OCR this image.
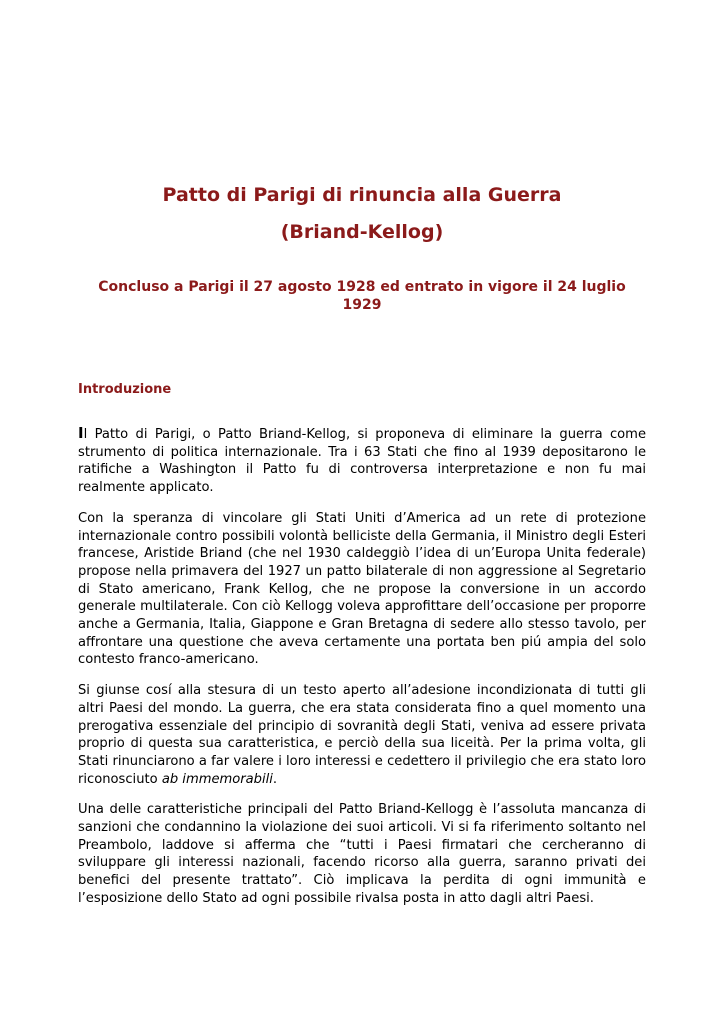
Patto di Parigi di rinuncia alla Guerra
(Briand-Kellog)

Concluso a Parigi il 27 agosto 1928 ed entrato in vigore il 24 luglio 1929

Introduzione

Il Patto di Parigi, o Patto Briand-Kellog, si proponeva di eliminare la guerra come strumento di politica internazionale. Tra i 63 Stati che fino al 1939 depositarono le ratifiche a Washington il Patto fu di controversa interpretazione e non fu mai realmente applicato.

Con la speranza di vincolare gli Stati Uniti d’America ad un rete di protezione internazionale contro possibili volontà belliciste della Germania, il Ministro degli Esteri francese, Aristide Briand (che nel 1930 caldeggiò l’idea di un’Europa Unita federale) propose nella primavera del 1927 un patto bilaterale di non aggressione al Segretario di Stato americano, Frank Kellog, che ne propose la conversione in un accordo generale multilaterale. Con ciò Kellogg voleva approfittare dell’occasione per proporre anche a Germania, Italia, Giappone e Gran Bretagna di sedere allo stesso tavolo, per affrontare una questione che aveva certamente una portata ben piú ampia del solo contesto franco-americano.

Si giunse cosí alla stesura di un testo aperto all’adesione incondizionata di tutti gli altri Paesi del mondo. La guerra, che era stata considerata fino a quel momento una prerogativa essenziale del principio di sovranità degli Stati, veniva ad essere privata proprio di questa sua caratteristica, e perciò della sua liceità. Per la prima volta, gli Stati rinunciarono a far valere i loro interessi e cedettero il privilegio che era stato loro riconosciuto ab immemorabili.

Una delle caratteristiche principali del Patto Briand-Kellogg è l’assoluta mancanza di sanzioni che condannino la violazione dei suoi articoli. Vi si fa riferimento soltanto nel Preambolo, laddove si afferma che “tutti i Paesi firmatari che cercheranno di sviluppare gli interessi nazionali, facendo ricorso alla guerra, saranno privati dei benefici del presente trattato”. Ciò implicava la perdita di ogni immunità e l’esposizione dello Stato ad ogni possibile rivalsa posta in atto dagli altri Paesi.
